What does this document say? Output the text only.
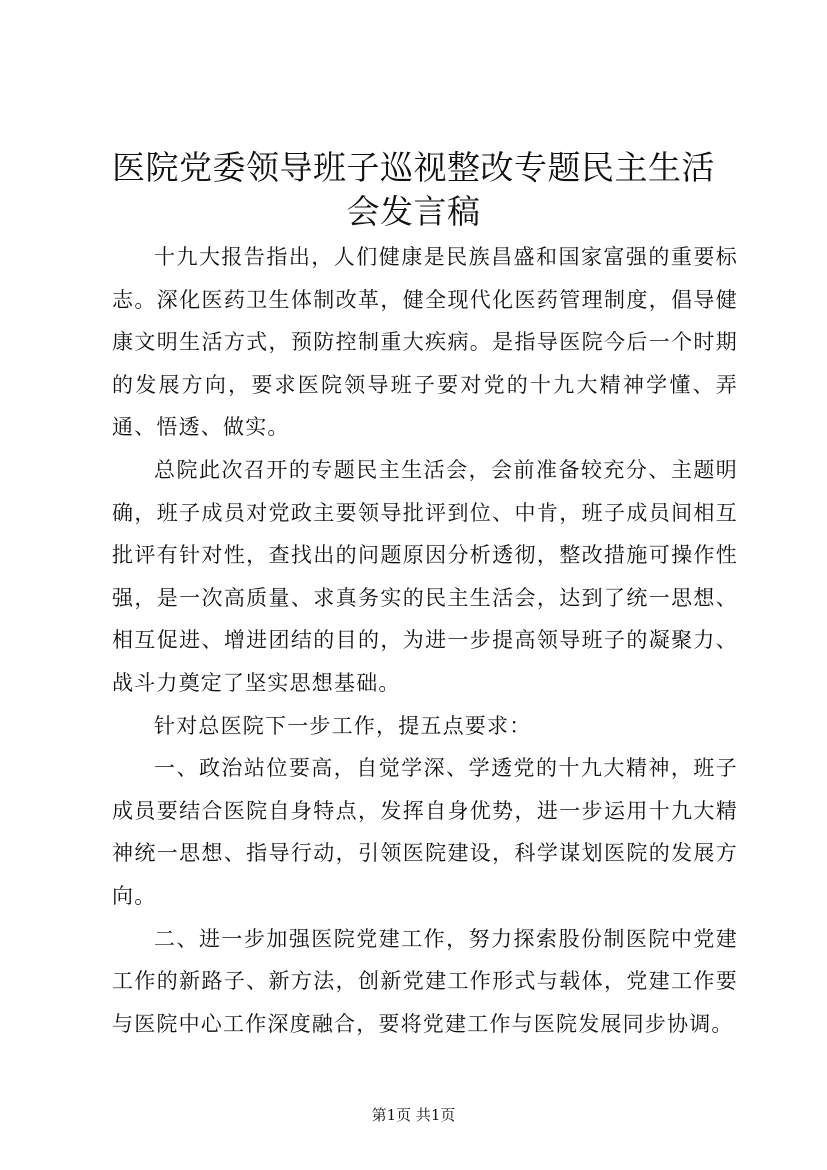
医院党委领导班子巡视整改专题民主生活会发言稿

十九大报告指出，人们健康是民族昌盛和国家富强的重要标志。深化医药卫生体制改革，健全现代化医药管理制度，倡导健康文明生活方式，预防控制重大疾病。是指导医院今后一个时期的发展方向，要求医院领导班子要对党的十九大精神学懂、弄通、悟透、做实。

总院此次召开的专题民主生活会，会前准备较充分、主题明确，班子成员对党政主要领导批评到位、中肯，班子成员间相互批评有针对性，查找出的问题原因分析透彻，整改措施可操作性强，是一次高质量、求真务实的民主生活会，达到了统一思想、相互促进、增进团结的目的，为进一步提高领导班子的凝聚力、战斗力奠定了坚实思想基础。

针对总医院下一步工作，提五点要求：

一、政治站位要高，自觉学深、学透党的十九大精神，班子成员要结合医院自身特点，发挥自身优势，进一步运用十九大精神统一思想、指导行动，引领医院建设，科学谋划医院的发展方向。

二、进一步加强医院党建工作，努力探索股份制医院中党建工作的新路子、新方法，创新党建工作形式与载体，党建工作要与医院中心工作深度融合，要将党建工作与医院发展同步协调。

第1页 共1页
